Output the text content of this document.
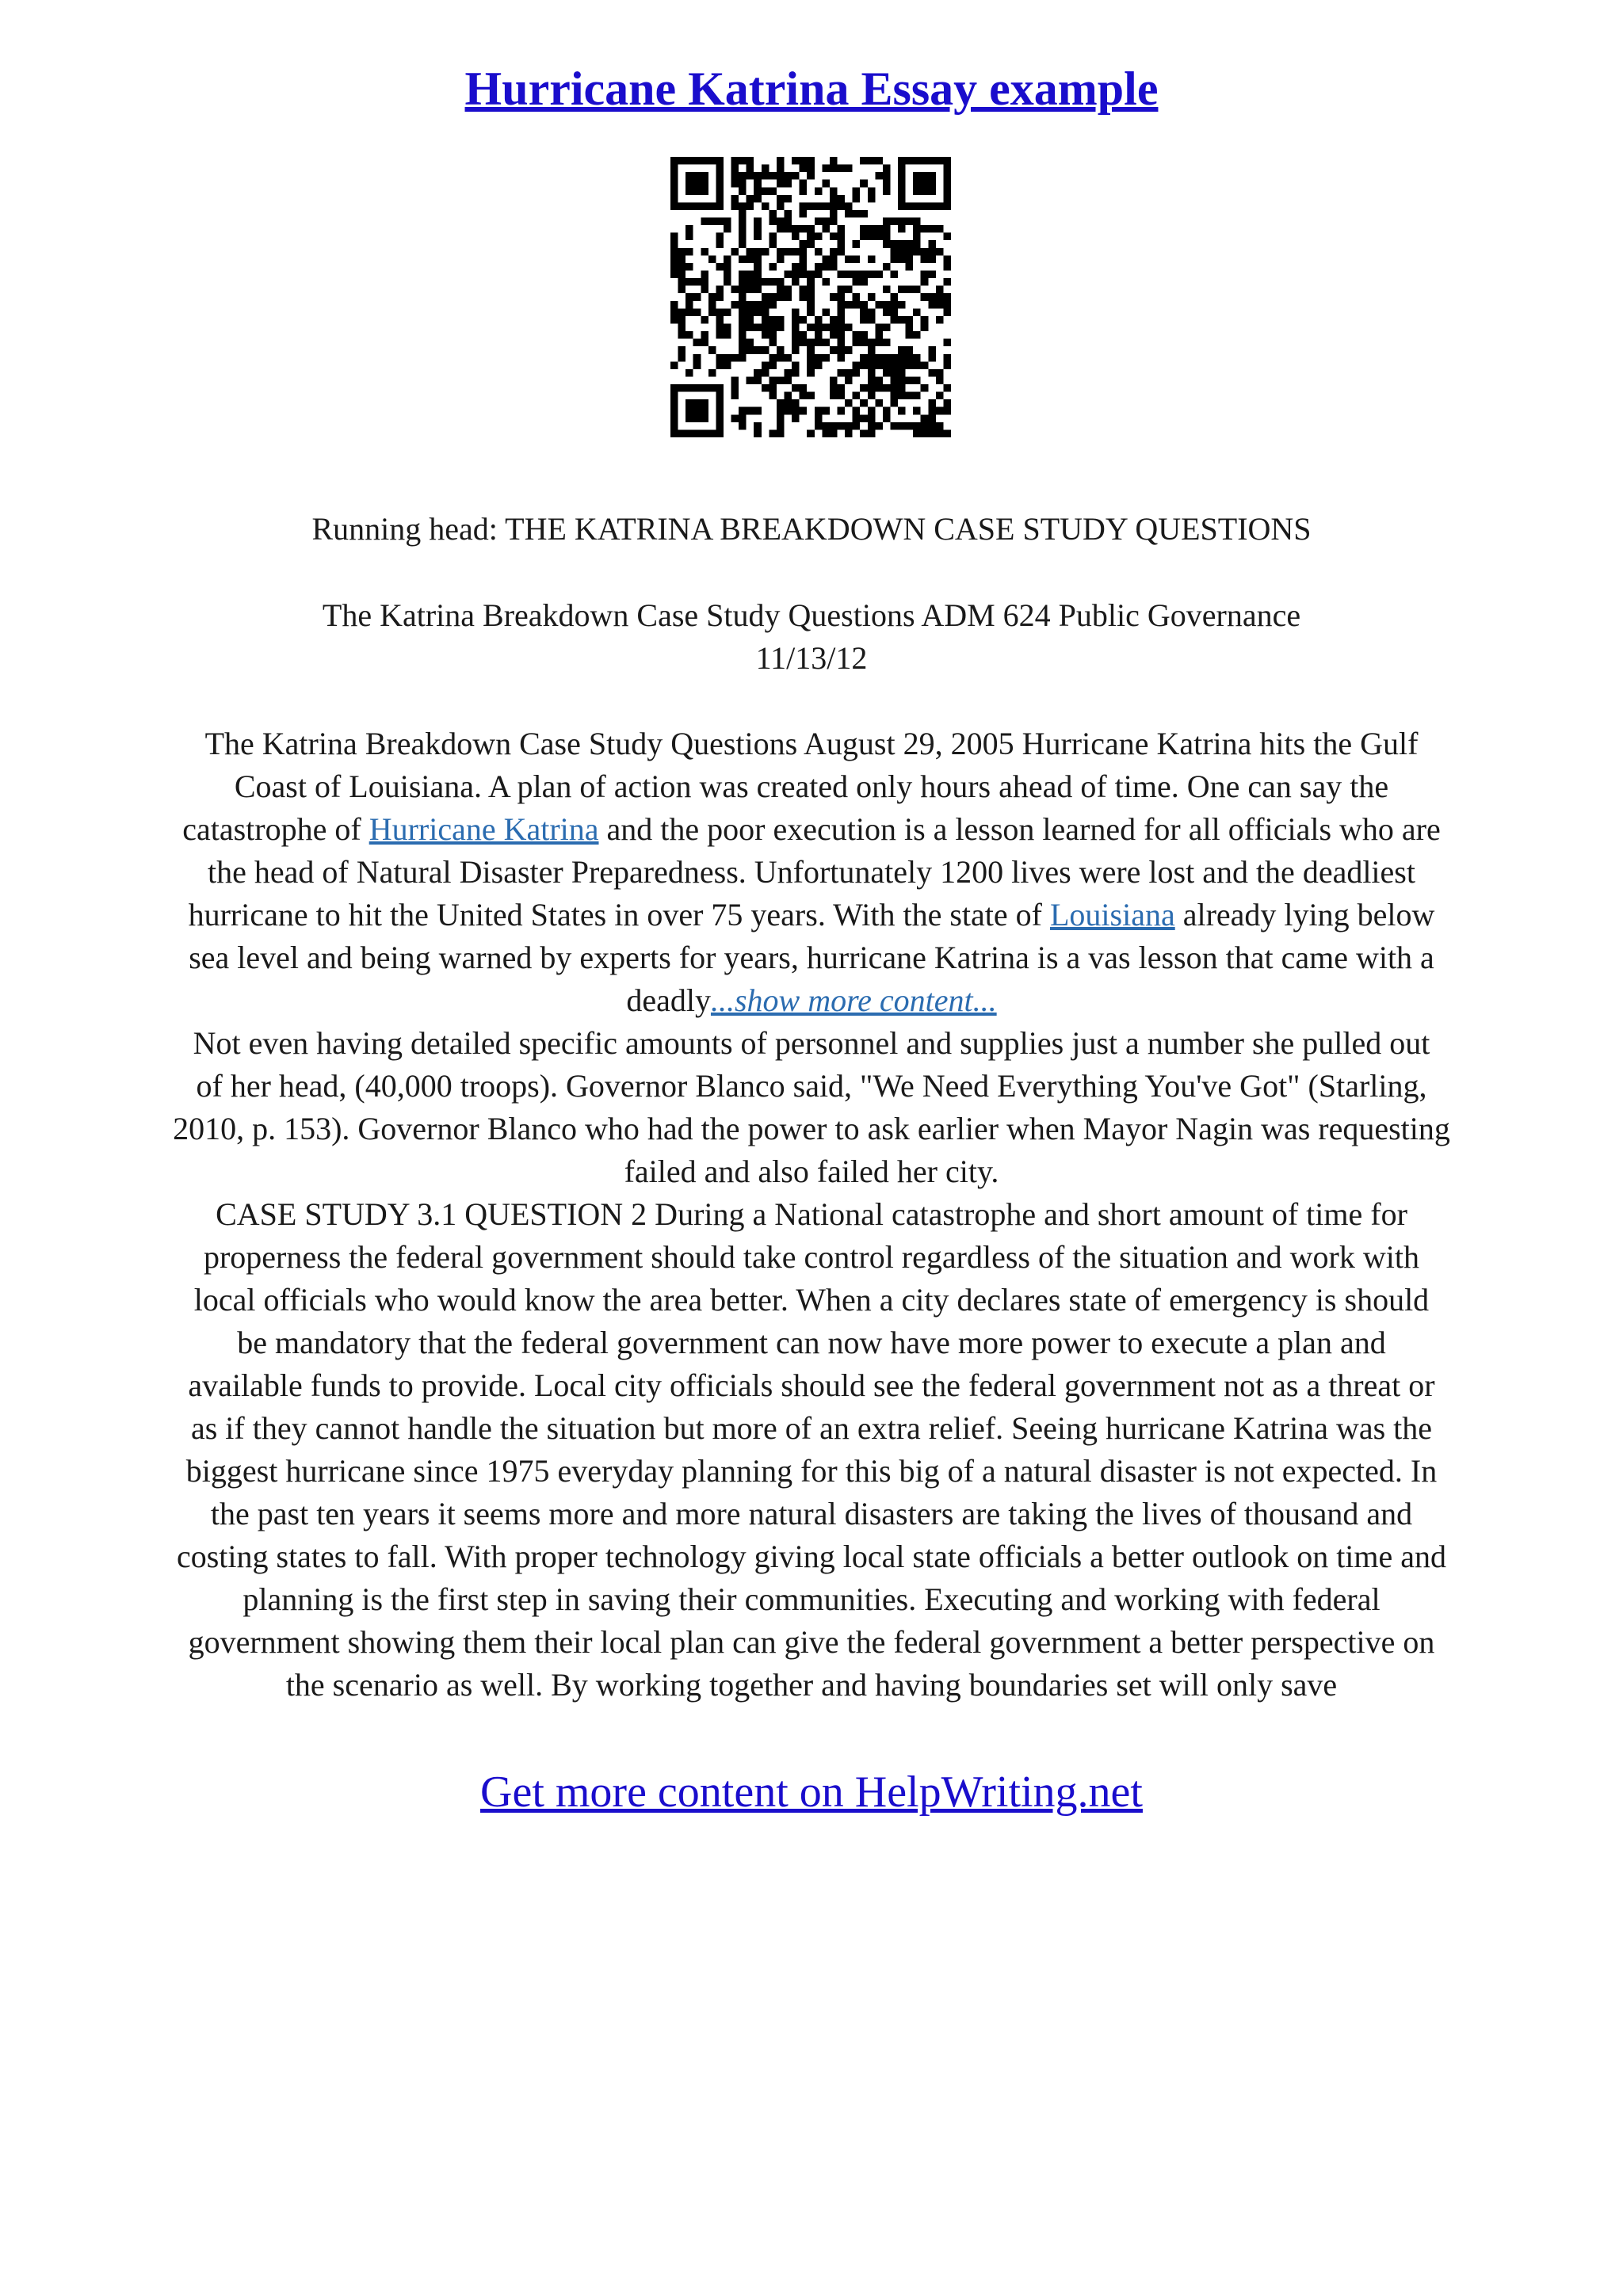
Hurricane Katrina Essay example
Running head: THE KATRINA BREAKDOWN CASE STUDY QUESTIONS
The Katrina Breakdown Case Study Questions ADM 624 Public Governance
11/13/12
The Katrina Breakdown Case Study Questions August 29, 2005 Hurricane Katrina hits the Gulf
Coast of Louisiana. A plan of action was created only hours ahead of time. One can say the
catastrophe of Hurricane Katrina and the poor execution is a lesson learned for all officials who are
the head of Natural Disaster Preparedness. Unfortunately 1200 lives were lost and the deadliest
hurricane to hit the United States in over 75 years. With the state of Louisiana already lying below
sea level and being warned by experts for years, hurricane Katrina is a vas lesson that came with a
deadly...show more content...
Not even having detailed specific amounts of personnel and supplies just a number she pulled out
of her head, (40,000 troops). Governor Blanco said, "We Need Everything You've Got" (Starling,
2010, p. 153). Governor Blanco who had the power to ask earlier when Mayor Nagin was requesting
failed and also failed her city.
CASE STUDY 3.1 QUESTION 2 During a National catastrophe and short amount of time for
properness the federal government should take control regardless of the situation and work with
local officials who would know the area better. When a city declares state of emergency is should
be mandatory that the federal government can now have more power to execute a plan and
available funds to provide. Local city officials should see the federal government not as a threat or
as if they cannot handle the situation but more of an extra relief. Seeing hurricane Katrina was the
biggest hurricane since 1975 everyday planning for this big of a natural disaster is not expected. In
the past ten years it seems more and more natural disasters are taking the lives of thousand and
costing states to fall. With proper technology giving local state officials a better outlook on time and
planning is the first step in saving their communities. Executing and working with federal
government showing them their local plan can give the federal government a better perspective on
the scenario as well. By working together and having boundaries set will only save
Get more content on HelpWriting.net
